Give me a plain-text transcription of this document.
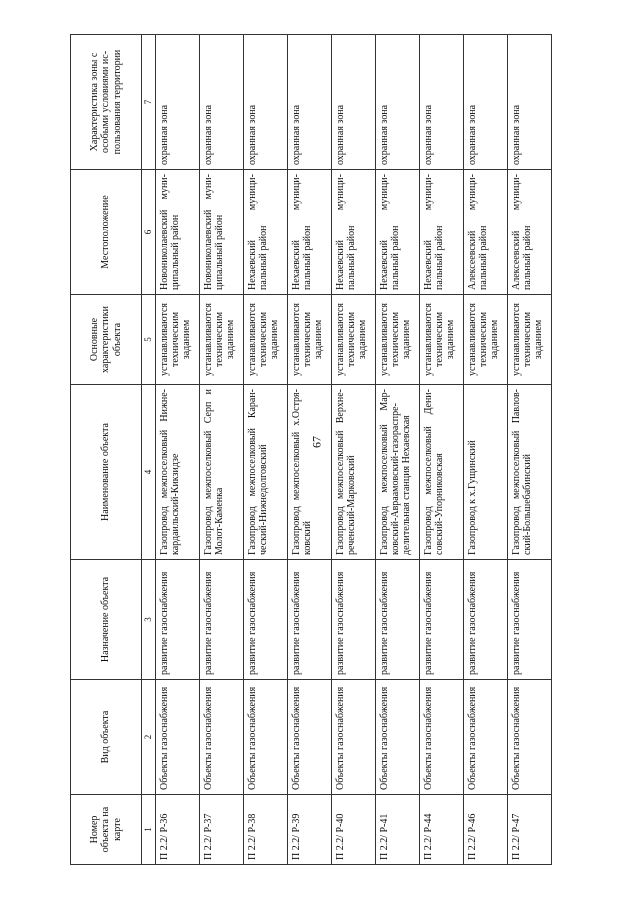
67
Номер объекта на карте	Вид объекта	Назначение объекта	Наименование объекта	Основные характеристики объекта	Местоположение	Характеристика зоны с особыми условиями ис-пользования территории
1	2	3	4	5	6	7
П 2.2/ Р-36	Объекты газоснабжения	развитие газоснабжения	Газопровод межпоселковый Нижне-кардаильский-Кикзидзе	устанавливаются техническим заданием	Новониколаевский муни-ципальный район	охранная зона
П 2.2/ Р-37	Объекты газоснабжения	развитие газоснабжения	Газопровод межпоселковый Серп и Молот-Каменка	устанавливаются техническим заданием	Новониколаевский муни-ципальный район	охранная зона
П 2.2/ Р-38	Объекты газоснабжения	развитие газоснабжения	Газопровод межпоселковый Каран-ческий-Нижнедолговский	устанавливаются техническим заданием	Нехаевский муници-пальный район	охранная зона
П 2.2/ Р-39	Объекты газоснабжения	развитие газоснабжения	Газопровод межпоселковый х.Остря-ковский	устанавливаются техническим заданием	Нехаевский муници-пальный район	охранная зона
П 2.2/ Р-40	Объекты газоснабжения	развитие газоснабжения	Газопровод межпоселковый Верхне-реченский-Марковский	устанавливаются техническим заданием	Нехаевский муници-пальный район	охранная зона
П 2.2/ Р-41	Объекты газоснабжения	развитие газоснабжения	Газопровод межпоселковый Мар-ковский-Авраамовский-газораспре-делительная станция Нехаевская	устанавливаются техническим заданием	Нехаевский муници-пальный район	охранная зона
П 2.2/ Р-44	Объекты газоснабжения	развитие газоснабжения	Газопровод межпоселковый Дени-совский-Упорниковская	устанавливаются техническим заданием	Нехаевский муници-пальный район	охранная зона
П 2.2/ Р-46	Объекты газоснабжения	развитие газоснабжения	Газопровод к х.Гущинский	устанавливаются техническим заданием	Алексеевский муници-пальный район	охранная зона
П 2.2/ Р-47	Объекты газоснабжения	развитие газоснабжения	Газопровод межпоселковый Павлов-ский-Большебабинский	устанавливаются техническим заданием	Алексеевский муници-пальный район	охранная зона
